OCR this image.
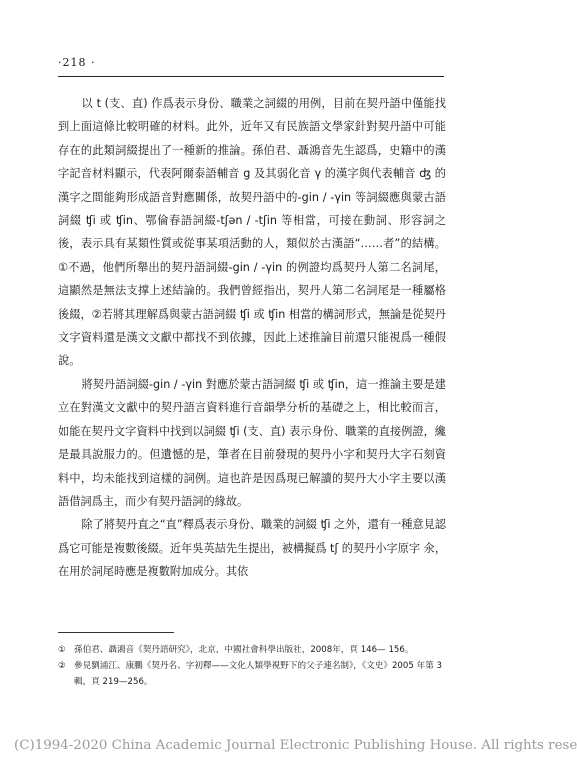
·218 ·

以 t (支、直) 作爲表示身份、職業之詞綴的用例，目前在契丹語中僅能找到上面這條比較明確的材料。此外，近年又有民族語文學家針對契丹語中可能存在的此類詞綴提出了一種新的推論。孫伯君、聶鴻音先生認爲，史籍中的漢字記音材料顯示，代表阿爾泰語輔音 g 及其弱化音 γ 的漢字與代表輔音 ʤ 的漢字之間能夠形成語音對應關係，故契丹語中的-gin / -γin 等詞綴應與蒙古語詞綴 ʧi 或 ʧin、鄂倫春語詞綴-tʃən / -tʃin 等相當，可接在動詞、形容詞之後，表示具有某類性質或從事某項活動的人，類似於古漢語“……者”的結構。①不過，他們所舉出的契丹語詞綴-gin / -γin 的例證均爲契丹人第二名詞尾，這顯然是無法支撑上述結論的。我們曾經指出，契丹人第二名詞尾是一種屬格後綴，②若將其理解爲與蒙古語詞綴 ʧi 或 ʧin 相當的構詞形式，無論是從契丹文字資料還是漢文文獻中都找不到依據，因此上述推論目前還只能視爲一種假說。

將契丹語詞綴-gin / -γin 對應於蒙古語詞綴 ʧi 或 ʧin，這一推論主要是建立在對漢文文獻中的契丹語言資料進行音韻學分析的基礎之上，相比較而言，如能在契丹文字資料中找到以詞綴 ʧi (支、直) 表示身份、職業的直接例證，纔是最具說服力的。但遺憾的是，筆者在目前發現的契丹小字和契丹大字石刻資料中，均未能找到這樣的詞例。這也許是因爲現已解讀的契丹大小字主要以漢語借詞爲主，而少有契丹語詞的緣故。

除了將契丹直之“直”釋爲表示身份、職業的詞綴 ʧi 之外，還有一種意見認爲它可能是複數後綴。近年吳英喆先生提出，被構擬爲 tʃ 的契丹小字原字 氽，在用於詞尾時應是複數附加成分。其依

① 孫伯君、聶鴻音《契丹語研究》，北京，中國社會科學出版社，2008年，頁 146— 156。
② 參見劉浦江、康鵬《契丹名、字初釋——文化人類學視野下的父子連名制》，《文史》2005 年第 3 輯，頁 219—256。
(C)1994-2020 China Academic Journal Electronic Publishing House. All rights rese
